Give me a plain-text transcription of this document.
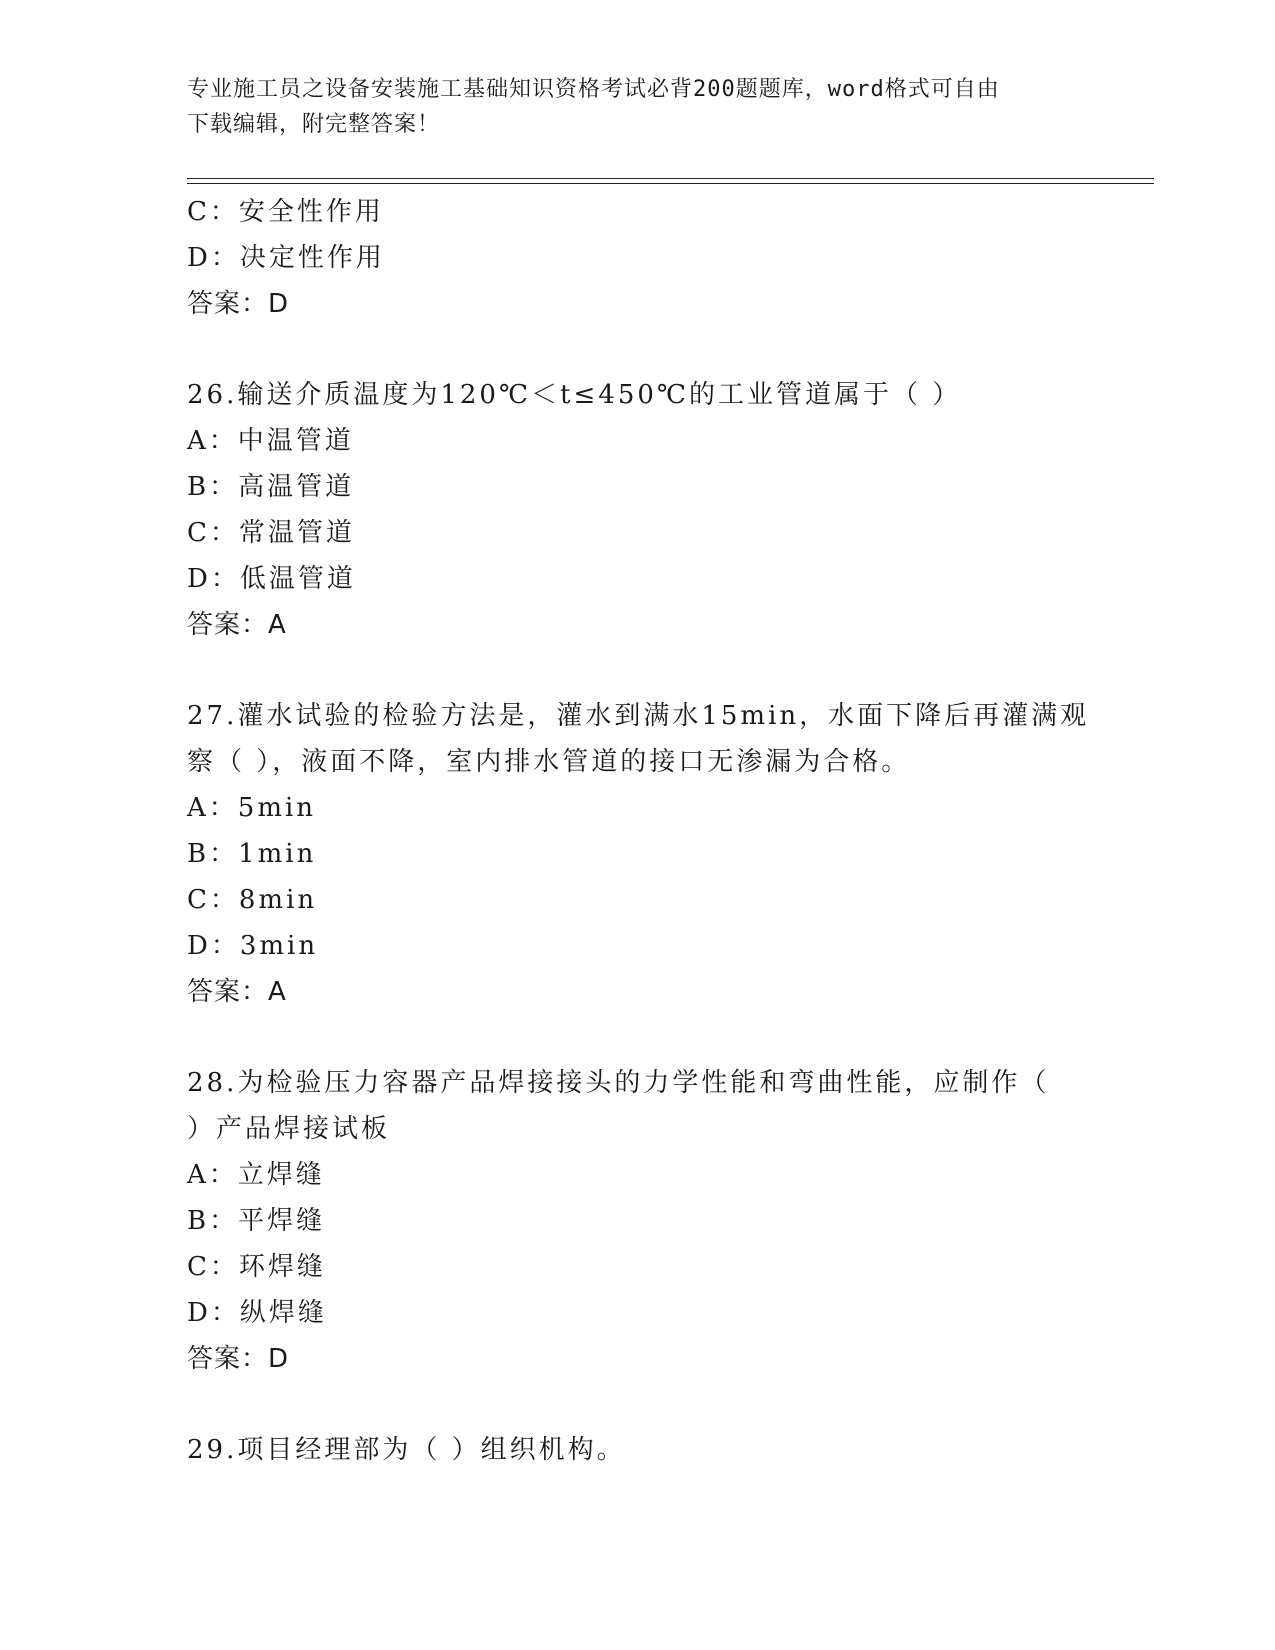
专业施工员之设备安装施工基础知识资格考试必背200题题库，word格式可自由
下载编辑，附完整答案！
C：安全性作用
D：决定性作用
答案：D
26.输送介质温度为120℃＜t≤450℃的工业管道属于（ ）
A：中温管道
B：高温管道
C：常温管道
D：低温管道
答案：A
27.灌水试验的检验方法是，灌水到满水15min，水面下降后再灌满观
察（ ），液面不降，室内排水管道的接口无渗漏为合格。
A：5min
B：1min
C：8min
D：3min
答案：A
28.为检验压力容器产品焊接接头的力学性能和弯曲性能，应制作（
）产品焊接试板
A：立焊缝
B：平焊缝
C：环焊缝
D：纵焊缝
答案：D
29.项目经理部为（ ）组织机构。
